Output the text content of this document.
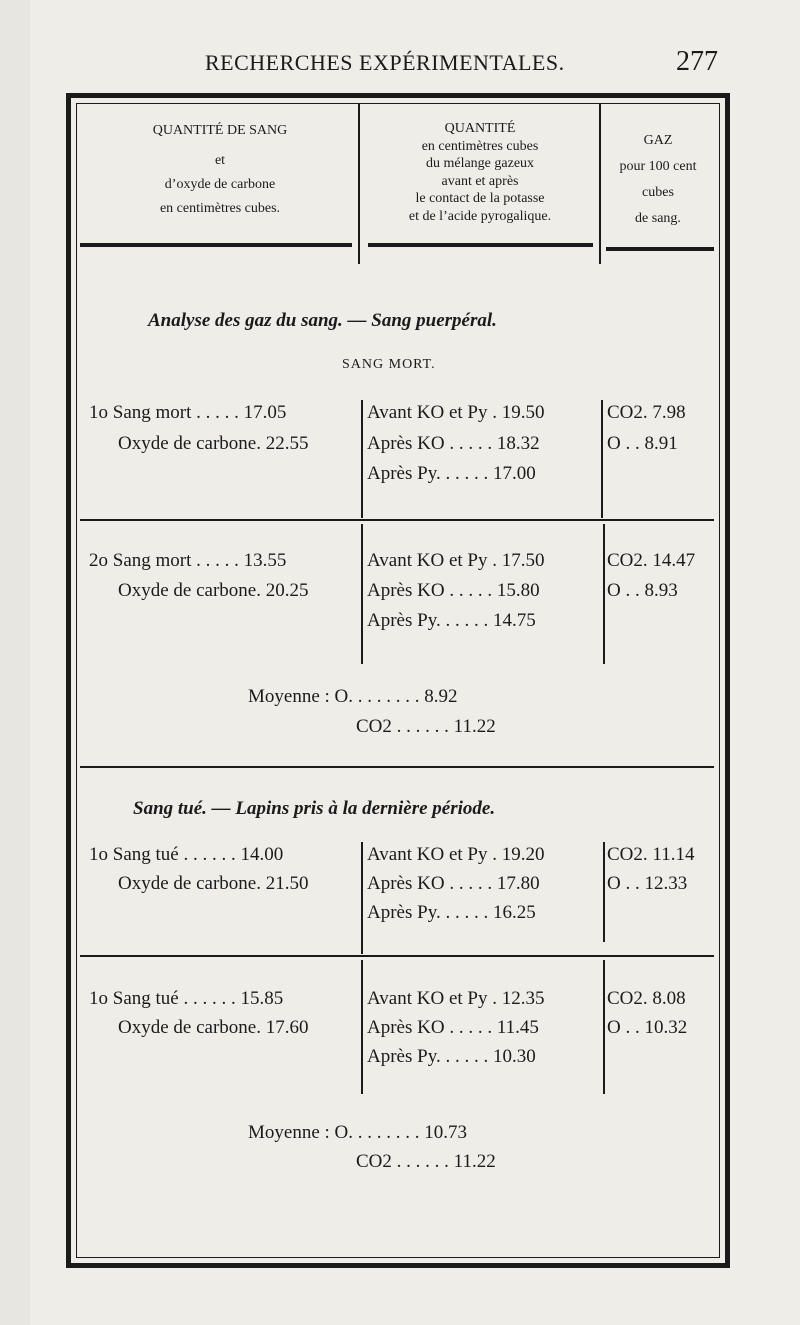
RECHERCHES EXPÉRIMENTALES.	277
QUANTITÉ DE SANG
et
d’oxyde de carbone
en centimètres cubes.
QUANTITÉ
en centimètres cubes
du mélange gazeux
avant et après
le contact de la potasse
et de l’acide pyrogalique.
GAZ
pour 100 cent
cubes
de sang.
Analyse des gaz du sang. — Sang puerpéral.
SANG MORT.
1o Sang mort . . . . . 17.05
Oxyde de carbone. 22.55
Avant KO et Py . 19.50
Après KO . . . . . 18.32
Après Py. . . . . . 17.00
CO2. 7.98
O . . 8.91
2o Sang mort . . . . . 13.55
Oxyde de carbone. 20.25
Avant KO et Py . 17.50
Après KO . . . . . 15.80
Après Py. . . . . . 14.75
CO2. 14.47
O . . 8.93
Moyenne : O. . . . . . . . 8.92
CO2 . . . . . . 11.22
Sang tué. — Lapins pris à la dernière période.
1o Sang tué . . . . . . 14.00
Oxyde de carbone. 21.50
Avant KO et Py . 19.20
Après KO . . . . . 17.80
Après Py. . . . . . 16.25
CO2. 11.14
O . . 12.33
1o Sang tué . . . . . . 15.85
Oxyde de carbone. 17.60
Avant KO et Py . 12.35
Après KO . . . . . 11.45
Après Py. . . . . . 10.30
CO2. 8.08
O . . 10.32
Moyenne : O. . . . . . . . 10.73
CO2 . . . . . . 11.22
